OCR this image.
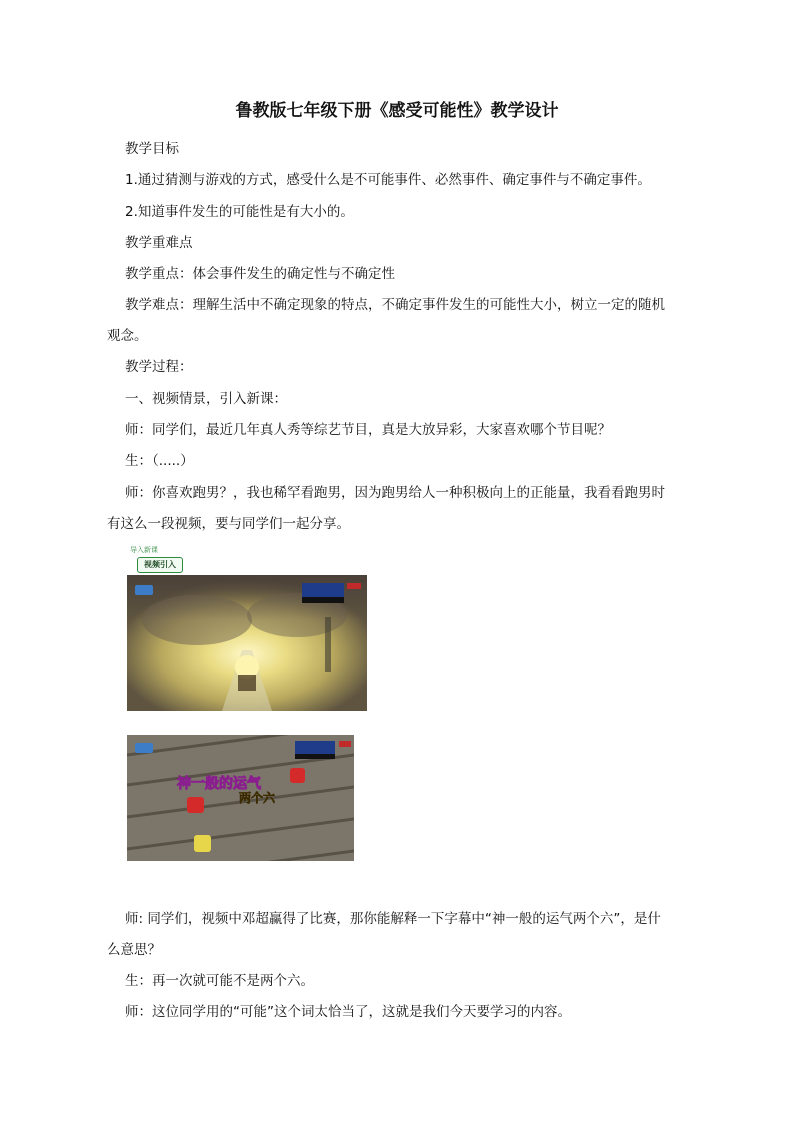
鲁教版七年级下册《感受可能性》教学设计

教学目标

1.通过猜测与游戏的方式，感受什么是不可能事件、必然事件、确定事件与不确定事件。

2.知道事件发生的可能性是有大小的。

教学重难点

教学重点：体会事件发生的确定性与不确定性

教学难点：理解生活中不确定现象的特点，不确定事件发生的可能性大小，树立一定的随机

观念。

教学过程：

一、视频情景，引入新课：

师：同学们，最近几年真人秀等综艺节目，真是大放异彩，大家喜欢哪个节目呢？

生：（.....）

师：你喜欢跑男？，我也稀罕看跑男，因为跑男给人一种积极向上的正能量，我看看跑男时

有这么一段视频，要与同学们一起分享。
导入新课
视频引入
神一般的运气
两个六

师: 同学们，视频中邓超赢得了比赛，那你能解释一下字幕中“神一般的运气两个六”，是什

么意思？

生：再一次就可能不是两个六。

师：这位同学用的“可能”这个词太恰当了，这就是我们今天要学习的内容。
